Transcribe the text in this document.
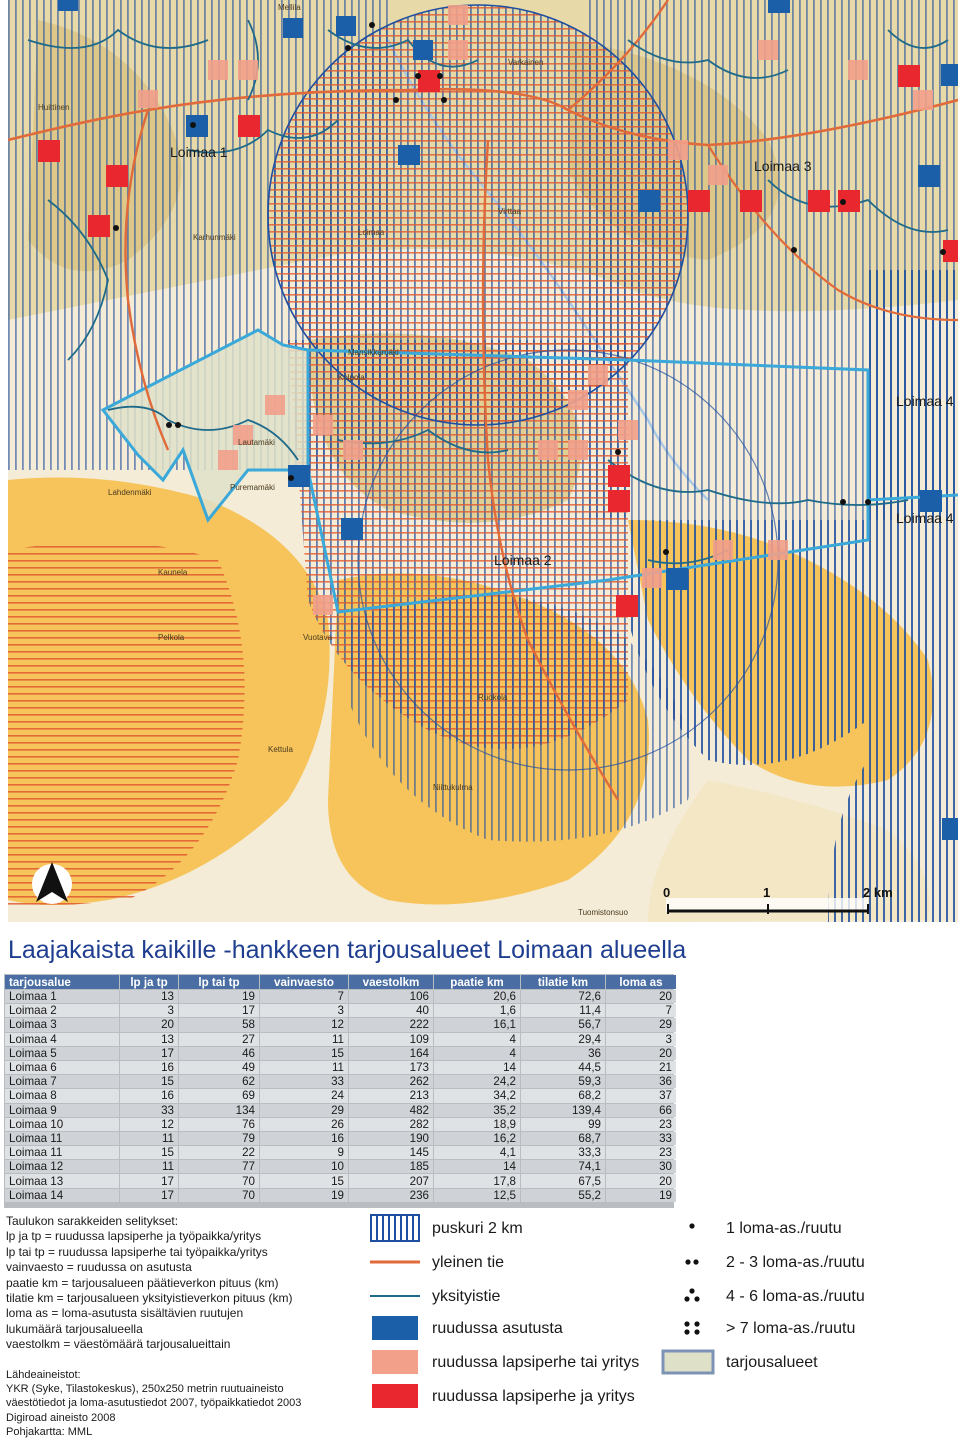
Mellila
Loimaa
Virttaa
Vuotava
Ruokola
Huittinen
Mansikkamäki
Karhunmäki
Kolpola
Niittukulma
Tuomistonsuo
Lautamäki
Lahdenmäki
Kaunela
Pelkola
Kettula
Puremamäki
Varkainen
Loimaa 1
Loimaa 3
Loimaa 4
Loimaa 4
Loimaa 2
0	1	2 km
Laajakaista kaikille -hankkeen tarjousalueet Loimaan alueella
tarjousalue	lp ja tp	lp tai tp	vainvaesto	vaestolkm	paatie km	tilatie km	loma as
Loimaa 1	13	19	7	106	20,6	72,6	20
Loimaa 2	3	17	3	40	1,6	11,4	7
Loimaa 3	20	58	12	222	16,1	56,7	29
Loimaa 4	13	27	11	109	4	29,4	3
Loimaa 5	17	46	15	164	4	36	20
Loimaa 6	16	49	11	173	14	44,5	21
Loimaa 7	15	62	33	262	24,2	59,3	36
Loimaa 8	16	69	24	213	34,2	68,2	37
Loimaa 9	33	134	29	482	35,2	139,4	66
Loimaa 10	12	76	26	282	18,9	99	23
Loimaa 11	11	79	16	190	16,2	68,7	33
Loimaa 11	15	22	9	145	4,1	33,3	23
Loimaa 12	11	77	10	185	14	74,1	30
Loimaa 13	17	70	15	207	17,8	67,5	20
Loimaa 14	17	70	19	236	12,5	55,2	19
Taulukon sarakkeiden selitykset:
lp ja tp = ruudussa lapsiperhe ja työpaikka/yritys
lp tai tp = ruudussa lapsiperhe tai työpaikka/yritys
vainvaesto = ruudussa on asutusta
paatie km = tarjousalueen päätieverkon pituus (km)
tilatie km = tarjousalueen yksityistieverkon pituus (km)
loma as = loma-asutusta sisältävien ruutujen
lukumäärä tarjousalueella
vaestolkm = väestömäärä tarjousalueittain
Lähdeaineistot:
YKR (Syke, Tilastokeskus), 250x250 metrin ruutuaineisto
väestötiedot ja loma-asutustiedot 2007, työpaikkatiedot 2003
Digiroad aineisto 2008
Pohjakartta: MML
puskuri 2 km
yleinen tie
yksityistie
ruudussa asutusta
ruudussa lapsiperhe tai yritys
ruudussa lapsiperhe ja yritys
1 loma-as./ruutu
2 - 3 loma-as./ruutu
4 - 6 loma-as./ruutu
> 7 loma-as./ruutu
tarjousalueet
